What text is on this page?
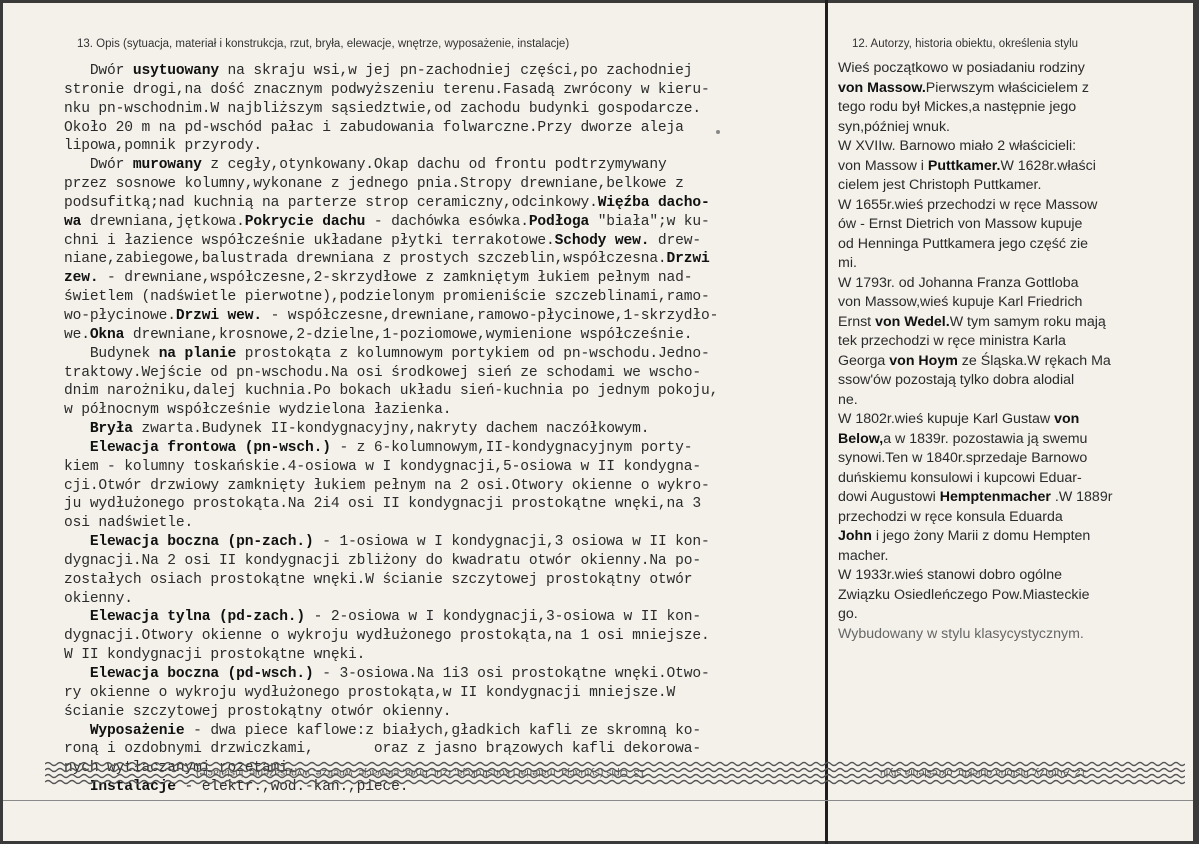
13. Opis (sytuacja, materiał i konstrukcja, rzut, bryła, elewacje, wnętrze, wyposażenie, instalacje)	12. Autorzy, historia obiektu, określenia stylu
Dwór usytuowany na skraju wsi,w jej pn-zachodniej części,po zachodniej
stronie drogi,na dość znacznym podwyższeniu terenu.Fasadą zwrócony w kieru-
nku pn-wschodnim.W najbliższym sąsiedztwie,od zachodu budynki gospodarcze.
Około 20 m na pd-wschód pałac i zabudowania folwarczne.Przy dworze aleja
lipowa,pomnik przyrody.
Dwór murowany z cegły,otynkowany.Okap dachu od frontu podtrzymywany
przez sosnowe kolumny,wykonane z jednego pnia.Stropy drewniane,belkowe z
podsufitką;nad kuchnią na parterze strop ceramiczny,odcinkowy.Więźba dacho-
wa drewniana,jętkowa.Pokrycie dachu - dachówka esówka.Podłoga "biała";w ku-
chni i łazience współcześnie układane płytki terrakotowe.Schody wew. drew-
niane,zabiegowe,balustrada drewniana z prostych szczeblin,współczesna.Drzwi
zew. - drewniane,współczesne,2-skrzydłowe z zamkniętym łukiem pełnym nad-
świetlem (nadświetle pierwotne),podzielonym promieniście szczeblinami,ramo-
wo-płycinowe.Drzwi wew. - współczesne,drewniane,ramowo-płycinowe,1-skrzydło-
we.Okna drewniane,krosnowe,2-dzielne,1-poziomowe,wymienione współcześnie.
Budynek na planie prostokąta z kolumnowym portykiem od pn-wschodu.Jedno-
traktowy.Wejście od pn-wschodu.Na osi środkowej sień ze schodami we wscho-
dnim narożniku,dalej kuchnia.Po bokach układu sień-kuchnia po jednym pokoju,
w północnym współcześnie wydzielona łazienka.
Bryła zwarta.Budynek II-kondygnacyjny,nakryty dachem naczółkowym.
Elewacja frontowa (pn-wsch.) - z 6-kolumnowym,II-kondygnacyjnym porty-
kiem - kolumny toskańskie.4-osiowa w I kondygnacji,5-osiowa w II kondygna-
cji.Otwór drzwiowy zamknięty łukiem pełnym na 2 osi.Otwory okienne o wykro-
ju wydłużonego prostokąta.Na 2i4 osi II kondygnacji prostokątne wnęki,na 3
osi nadświetle.
Elewacja boczna (pn-zach.) - 1-osiowa w I kondygnacji,3 osiowa w II kon-
dygnacji.Na 2 osi II kondygnacji zbliżony do kwadratu otwór okienny.Na po-
zostałych osiach prostokątne wnęki.W ścianie szczytowej prostokątny otwór
okienny.
Elewacja tylna (pd-zach.) - 2-osiowa w I kondygnacji,3-osiowa w II kon-
dygnacji.Otwory okienne o wykroju wydłużonego prostokąta,na 1 osi mniejsze.
W II kondygnacji prostokątne wnęki.
Elewacja boczna (pd-wsch.) - 3-osiowa.Na 1i3 osi prostokątne wnęki.Otwo-
ry okienne o wykroju wydłużonego prostokąta,w II kondygnacji mniejsze.W
ścianie szczytowej prostokątny otwór okienny.
Wyposażenie - dwa piece kaflowe:z białych,gładkich kafli ze skromną ko-
roną i ozdobnymi drzwiczkami,       oraz z jasno brązowych kafli dekorowa-
nych wytłaczanymi rozetami,
Instalacje - elektr.,wod.-kan.,piece.
Wieś początkowo w posiadaniu rodziny
von Massow.Pierwszym właścicielem z
tego rodu był Mickes,a następnie jego
syn,później wnuk.
W XVIIw. Barnowo miało 2 właścicieli:
von Massow i Puttkamer.W 1628r.właści
cielem jest Christoph Puttkamer.
W 1655r.wieś przechodzi w ręce Massow
ów - Ernst Dietrich von Massow kupuje
od Henninga Puttkamera jego część zie
mi.
W 1793r. od Johanna Franza Gottloba
von Massow,wieś kupuje Karl Friedrich
Ernst von Wedel.W tym samym roku mają
tek przechodzi w ręce ministra Karla
Georga von Hoym ze Śląska.W rękach Ma
ssow'ów pozostają tylko dobra alodial
ne.
W 1802r.wieś kupuje Karl Gustaw von
Below,a w 1839r. pozostawia ją swemu
synowi.Ten w 1840r.sprzedaje Barnowo
duńskiemu konsulowi i kupcowi Eduar-
dowi Augustowi Hemptenmacher .W 1889r
przechodzi w ręce konsula Eduarda
John i jego żony Marii z domu Hempten
macher.
W 1933r.wieś stanowi dobro ogólne
Związku Osiedleńczego Pow.Miasteckie
go.
Wybudowany w stylu klasycystycznym.
13. Opis (sytuacja, materiał i konstrukcja, rzut, bryła, elewacje, wnętrze, wyposażenie, instalacje)	12. Autorzy, historia obiektu, określenia stylu
